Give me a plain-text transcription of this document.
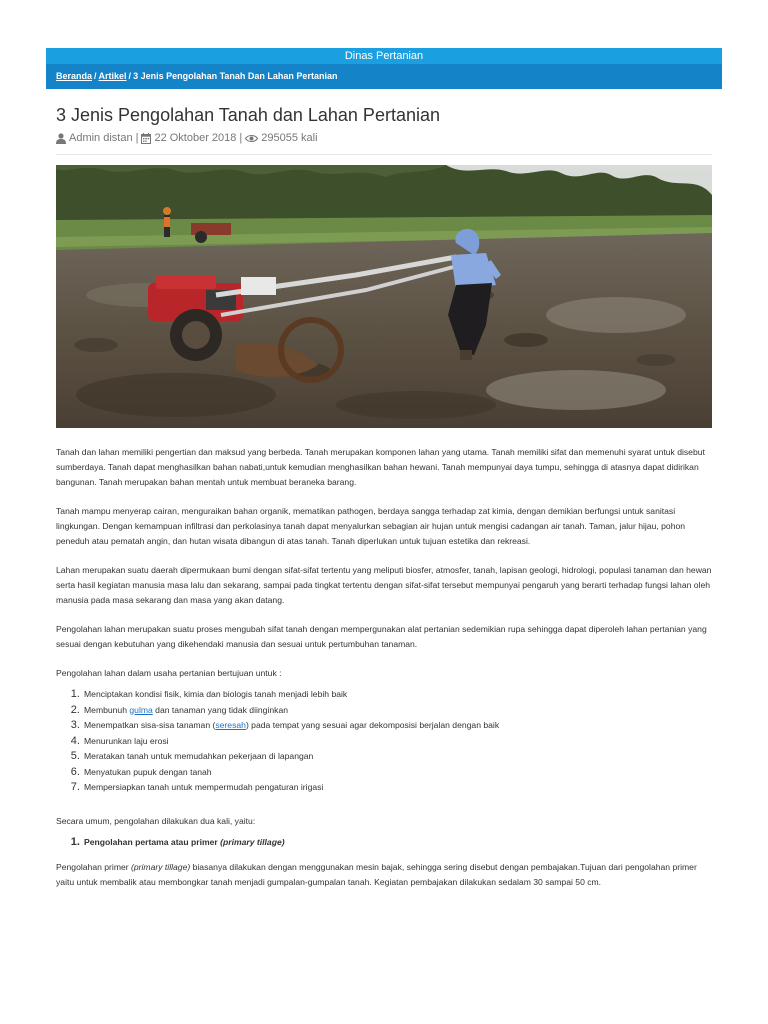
Dinas Pertanian
Beranda / Artikel / 3 Jenis Pengolahan Tanah Dan Lahan Pertanian
3 Jenis Pengolahan Tanah dan Lahan Pertanian
Admin distan | 22 Oktober 2018 | 295055 kali

Tanah dan lahan memiliki pengertian dan maksud yang berbeda. Tanah merupakan komponen lahan yang utama. Tanah memiliki sifat dan memenuhi syarat untuk disebut sumberdaya. Tanah dapat menghasilkan bahan nabati,untuk kemudian menghasilkan bahan hewani. Tanah mempunyai daya tumpu, sehingga di atasnya dapat didirikan bangunan. Tanah merupakan bahan mentah untuk membuat beraneka barang.

Tanah mampu menyerap cairan, menguraikan bahan organik, mematikan pathogen, berdaya sangga terhadap zat kimia, dengan demikian berfungsi untuk sanitasi lingkungan. Dengan kemampuan infiltrasi dan perkolasinya tanah dapat menyalurkan sebagian air hujan untuk mengisi cadangan air tanah. Taman, jalur hijau, pohon peneduh atau pematah angin, dan hutan wisata dibangun di atas tanah. Tanah diperlukan untuk tujuan estetika dan rekreasi.

Lahan merupakan suatu daerah dipermukaan bumi dengan sifat-sifat tertentu yang meliputi biosfer, atmosfer, tanah, lapisan geologi, hidrologi, populasi tanaman dan hewan serta hasil kegiatan manusia masa lalu dan sekarang, sampai pada tingkat tertentu dengan sifat-sifat tersebut mempunyai pengaruh yang berarti terhadap fungsi lahan oleh manusia pada masa sekarang dan masa yang akan datang.

Pengolahan lahan merupakan suatu proses mengubah sifat tanah dengan mempergunakan alat pertanian sedemikian rupa sehingga dapat diperoleh lahan pertanian yang sesuai dengan kebutuhan yang dikehendaki manusia dan sesuai untuk pertumbuhan tanaman.

Pengolahan lahan dalam usaha pertanian bertujuan untuk :

1. Menciptakan kondisi fisik, kimia dan biologis tanah menjadi lebih baik
2. Membunuh gulma dan tanaman yang tidak diinginkan
3. Menempatkan sisa-sisa tanaman (seresah) pada tempat yang sesuai agar dekomposisi berjalan dengan baik
4. Menurunkan laju erosi
5. Meratakan tanah untuk memudahkan pekerjaan di lapangan
6. Menyatukan pupuk dengan tanah
7. Mempersiapkan tanah untuk mempermudah pengaturan irigasi

Secara umum, pengolahan dilakukan dua kali, yaitu:

1. Pengolahan pertama atau primer (primary tillage)

Pengolahan primer (primary tillage) biasanya dilakukan dengan menggunakan mesin bajak, sehingga sering disebut dengan pembajakan.Tujuan dari pengolahan primer yaitu untuk membalik atau membongkar tanah menjadi gumpalan-gumpalan tanah. Kegiatan pembajakan dilakukan sedalam 30 sampai 50 cm.
